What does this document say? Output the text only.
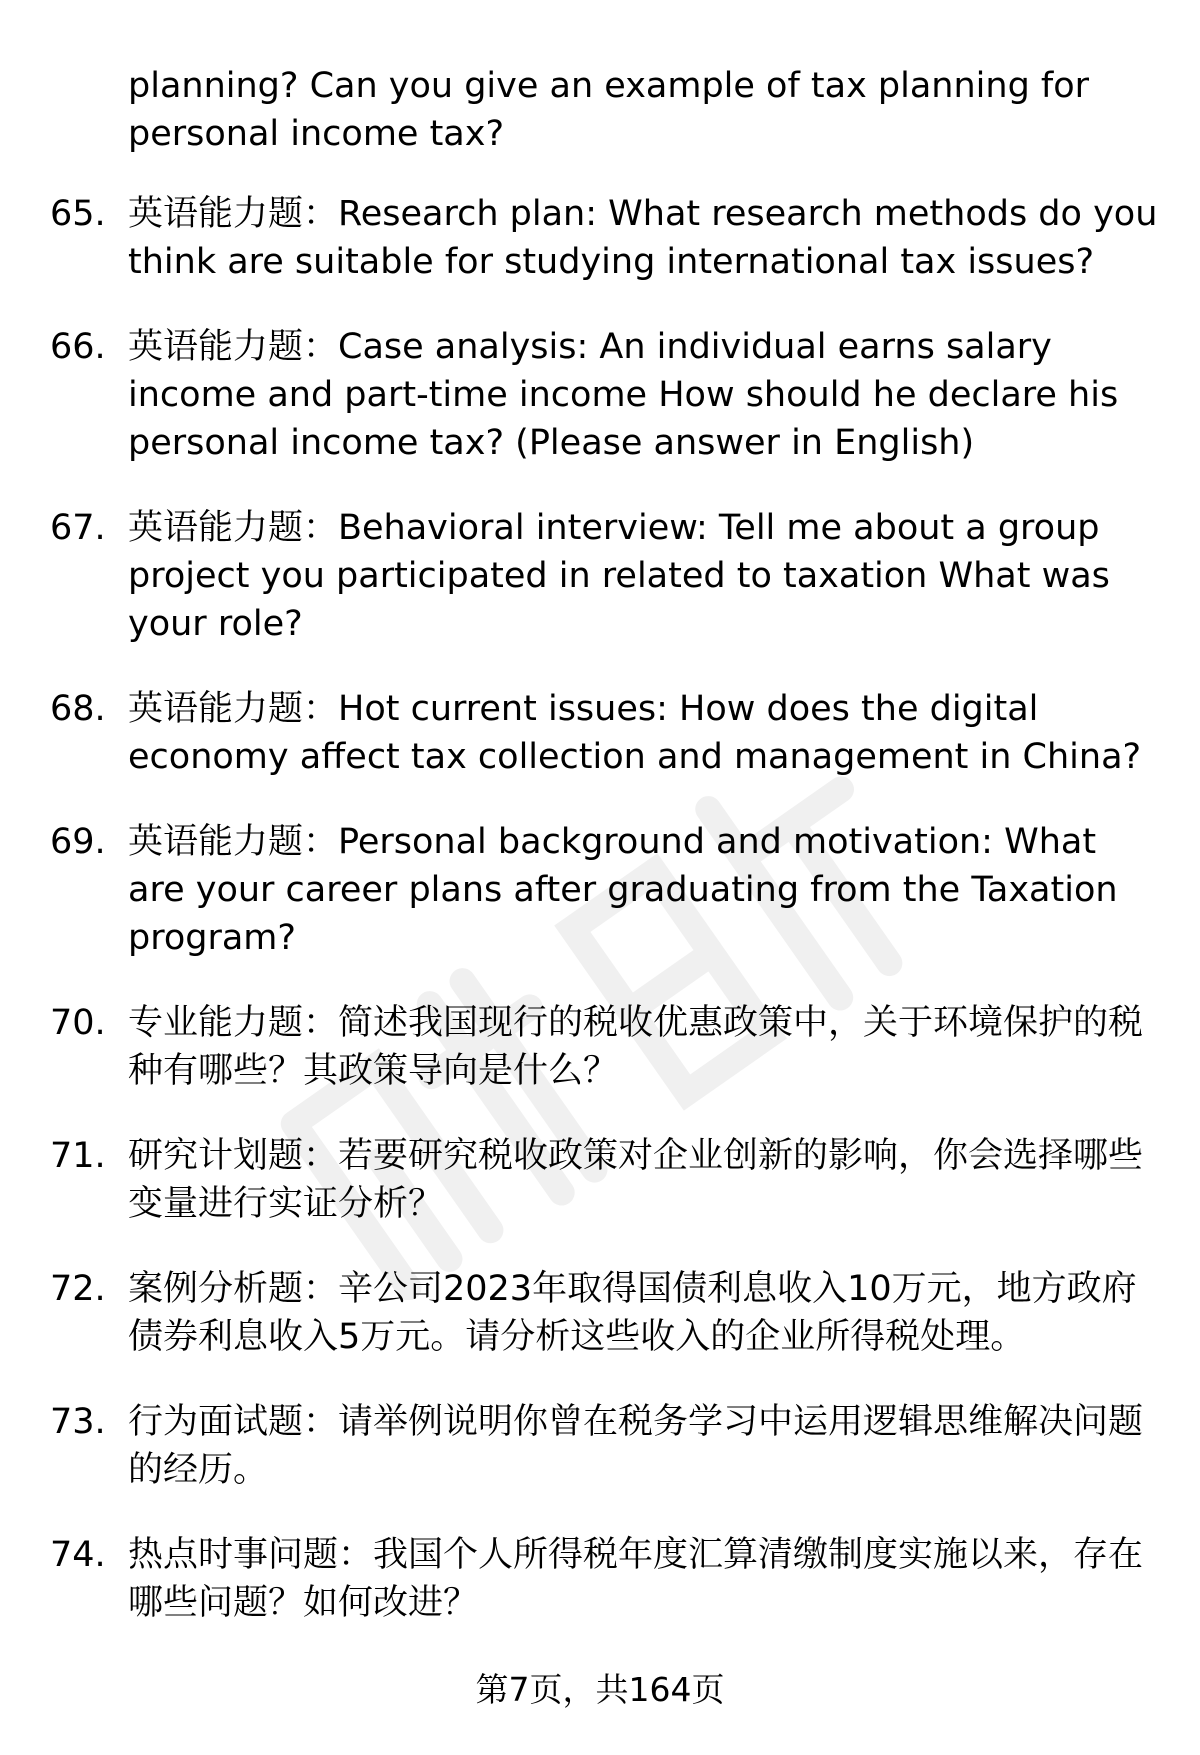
planning? Can you give an example of tax planning for personal income tax?

65. 英语能力题：Research plan: What research methods do you think are suitable for studying international tax issues?
66. 英语能力题：Case analysis: An individual earns salary income and part-time income How should he declare his personal income tax? (Please answer in English)
67. 英语能力题：Behavioral interview: Tell me about a group project you participated in related to taxation What was your role?
68. 英语能力题：Hot current issues: How does the digital economy affect tax collection and management in China?
69. 英语能力题：Personal background and motivation: What are your career plans after graduating from the Taxation program?
70. 专业能力题：简述我国现行的税收优惠政策中，关于环境保护的税种有哪些？其政策导向是什么？
71. 研究计划题：若要研究税收政策对企业创新的影响，你会选择哪些变量进行实证分析？
72. 案例分析题：辛公司2023年取得国债利息收入10万元，地方政府债券利息收入5万元。请分析这些收入的企业所得税处理。
73. 行为面试题：请举例说明你曾在税务学习中运用逻辑思维解决问题的经历。
74. 热点时事问题：我国个人所得税年度汇算清缴制度实施以来，存在哪些问题？如何改进？
第7页，共164页
